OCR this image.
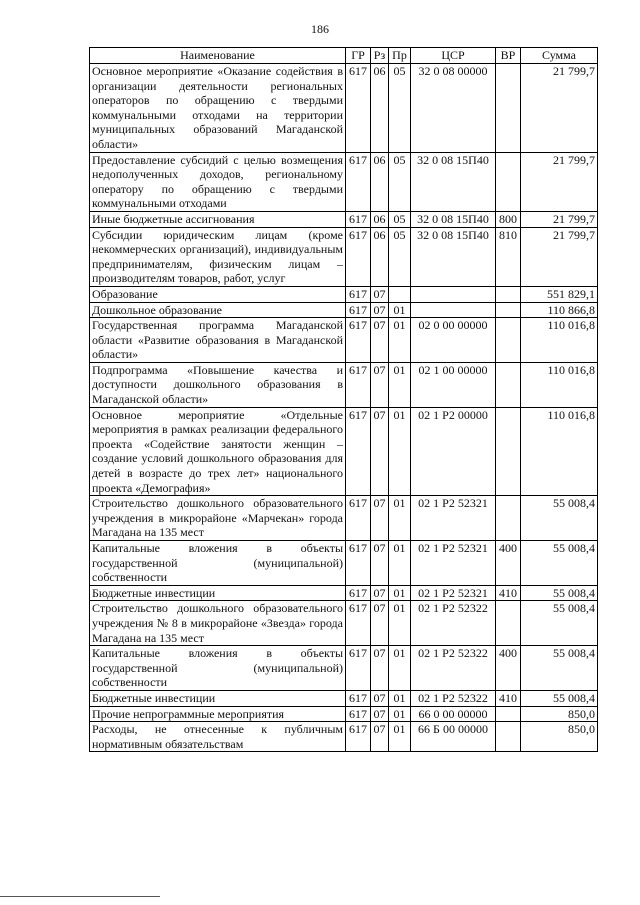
186
Наименование	ГР	Рз	Пр	ЦСР	ВР	Сумма
Основное мероприятие «Оказание содействия в организации деятельности региональных операторов по обращению с твердыми коммунальными отходами на территории муниципальных образований Магаданской области»	617	06	05	32 0 08 00000		21 799,7
Предоставление субсидий с целью возмещения недополученных доходов, региональному оператору по обращению с твердыми коммунальными отходами	617	06	05	32 0 08 15П40		21 799,7
Иные бюджетные ассигнования	617	06	05	32 0 08 15П40	800	21 799,7
Субсидии юридическим лицам (кроме некоммерческих организаций), индивидуальным предпринимателям, физическим лицам – производителям товаров, работ, услуг	617	06	05	32 0 08 15П40	810	21 799,7
Образование	617	07				551 829,1
Дошкольное образование	617	07	01			110 866,8
Государственная программа Магаданской области «Развитие образования в Магаданской области»	617	07	01	02 0 00 00000		110 016,8
Подпрограмма «Повышение качества и доступности дошкольного образования в Магаданской области»	617	07	01	02 1 00 00000		110 016,8
Основное мероприятие «Отдельные мероприятия в рамках реализации федерального проекта «Содействие занятости женщин – создание условий дошкольного образования для детей в возрасте до трех лет» национального проекта «Демография»	617	07	01	02 1 P2 00000		110 016,8
Строительство дошкольного образовательного учреждения в микрорайоне «Марчекан» города Магадана на 135 мест	617	07	01	02 1 P2 52321		55 008,4
Капитальные вложения в объекты государственной (муниципальной) собственности	617	07	01	02 1 P2 52321	400	55 008,4
Бюджетные инвестиции	617	07	01	02 1 P2 52321	410	55 008,4
Строительство дошкольного образовательного учреждения № 8 в микрорайоне «Звезда» города Магадана на 135 мест	617	07	01	02 1 P2 52322		55 008,4
Капитальные вложения в объекты государственной (муниципальной) собственности	617	07	01	02 1 P2 52322	400	55 008,4
Бюджетные инвестиции	617	07	01	02 1 P2 52322	410	55 008,4
Прочие непрограммные мероприятия	617	07	01	66 0 00 00000		850,0
Расходы, не отнесенные к публичным нормативным обязательствам	617	07	01	66 Б 00 00000		850,0
